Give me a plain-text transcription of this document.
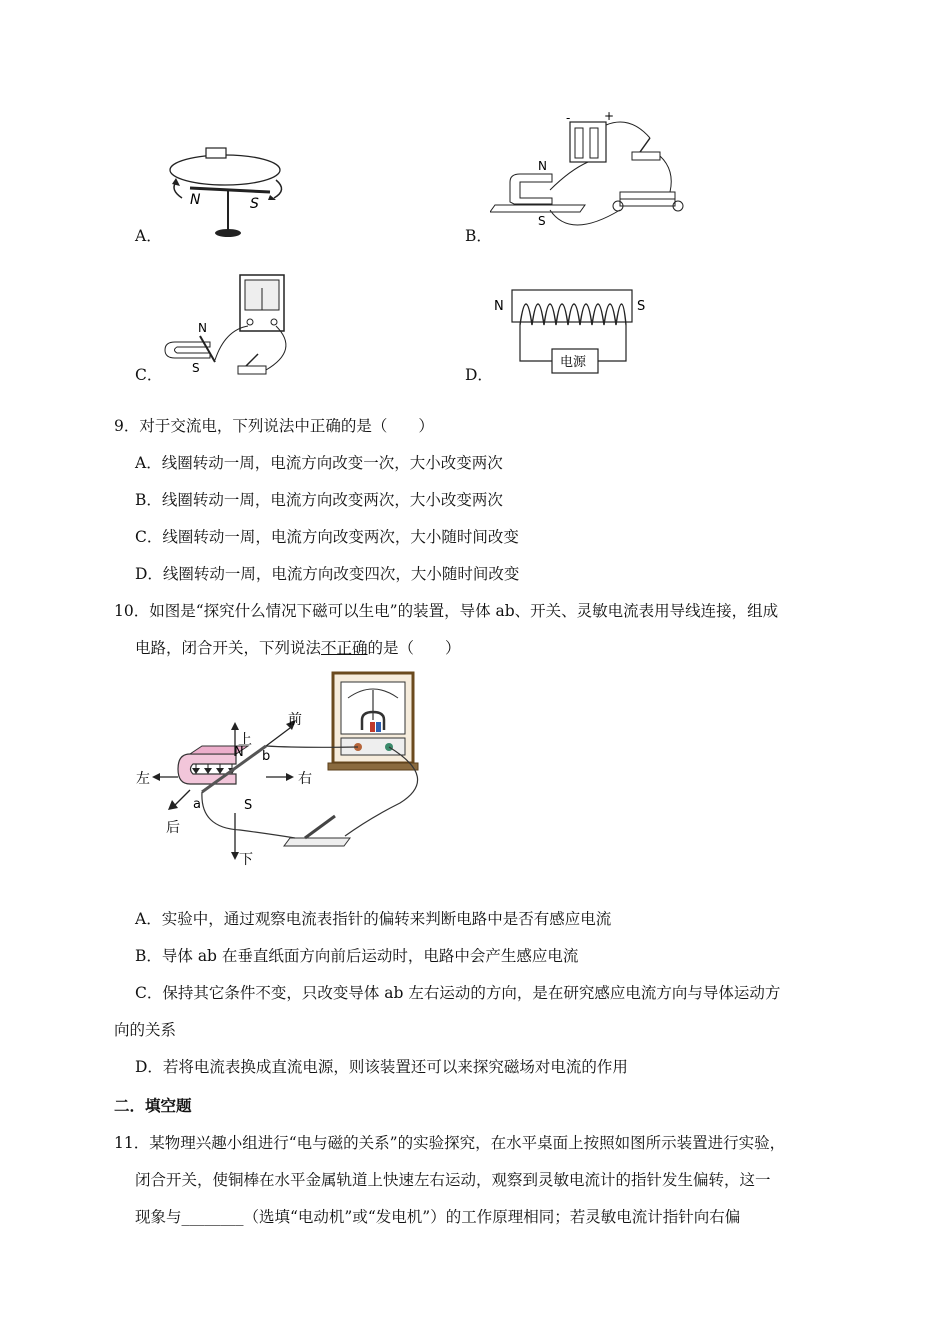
A．	B．
C．	D．
N	S
-	+
N
S
N
S
N	S
电源
9．对于交流电，下列说法中正确的是（　　）
A．线圈转动一周，电流方向改变一次，大小改变两次
B．线圈转动一周，电流方向改变两次，大小改变两次
C．线圈转动一周，电流方向改变两次，大小随时间改变
D．线圈转动一周，电流方向改变四次，大小随时间改变
10．如图是“探究什么情况下磁可以生电”的装置，导体 ab、开关、灵敏电流表用导线连接，组成
电路，闭合开关，下列说法不正确的是（　　）
N
S
a
b
上
下
左	右
前
后
A．实验中，通过观察电流表指针的偏转来判断电路中是否有感应电流
B．导体 ab 在垂直纸面方向前后运动时，电路中会产生感应电流
C．保持其它条件不变，只改变导体 ab 左右运动的方向，是在研究感应电流方向与导体运动方
向的关系
D．若将电流表换成直流电源，则该装置还可以来探究磁场对电流的作用
二．填空题
11．某物理兴趣小组进行“电与磁的关系”的实验探究，在水平桌面上按照如图所示装置进行实验，
闭合开关，使铜棒在水平金属轨道上快速左右运动，观察到灵敏电流计的指针发生偏转，这一
现象与________（选填“电动机”或“发电机”）的工作原理相同；若灵敏电流计指针向右偏
